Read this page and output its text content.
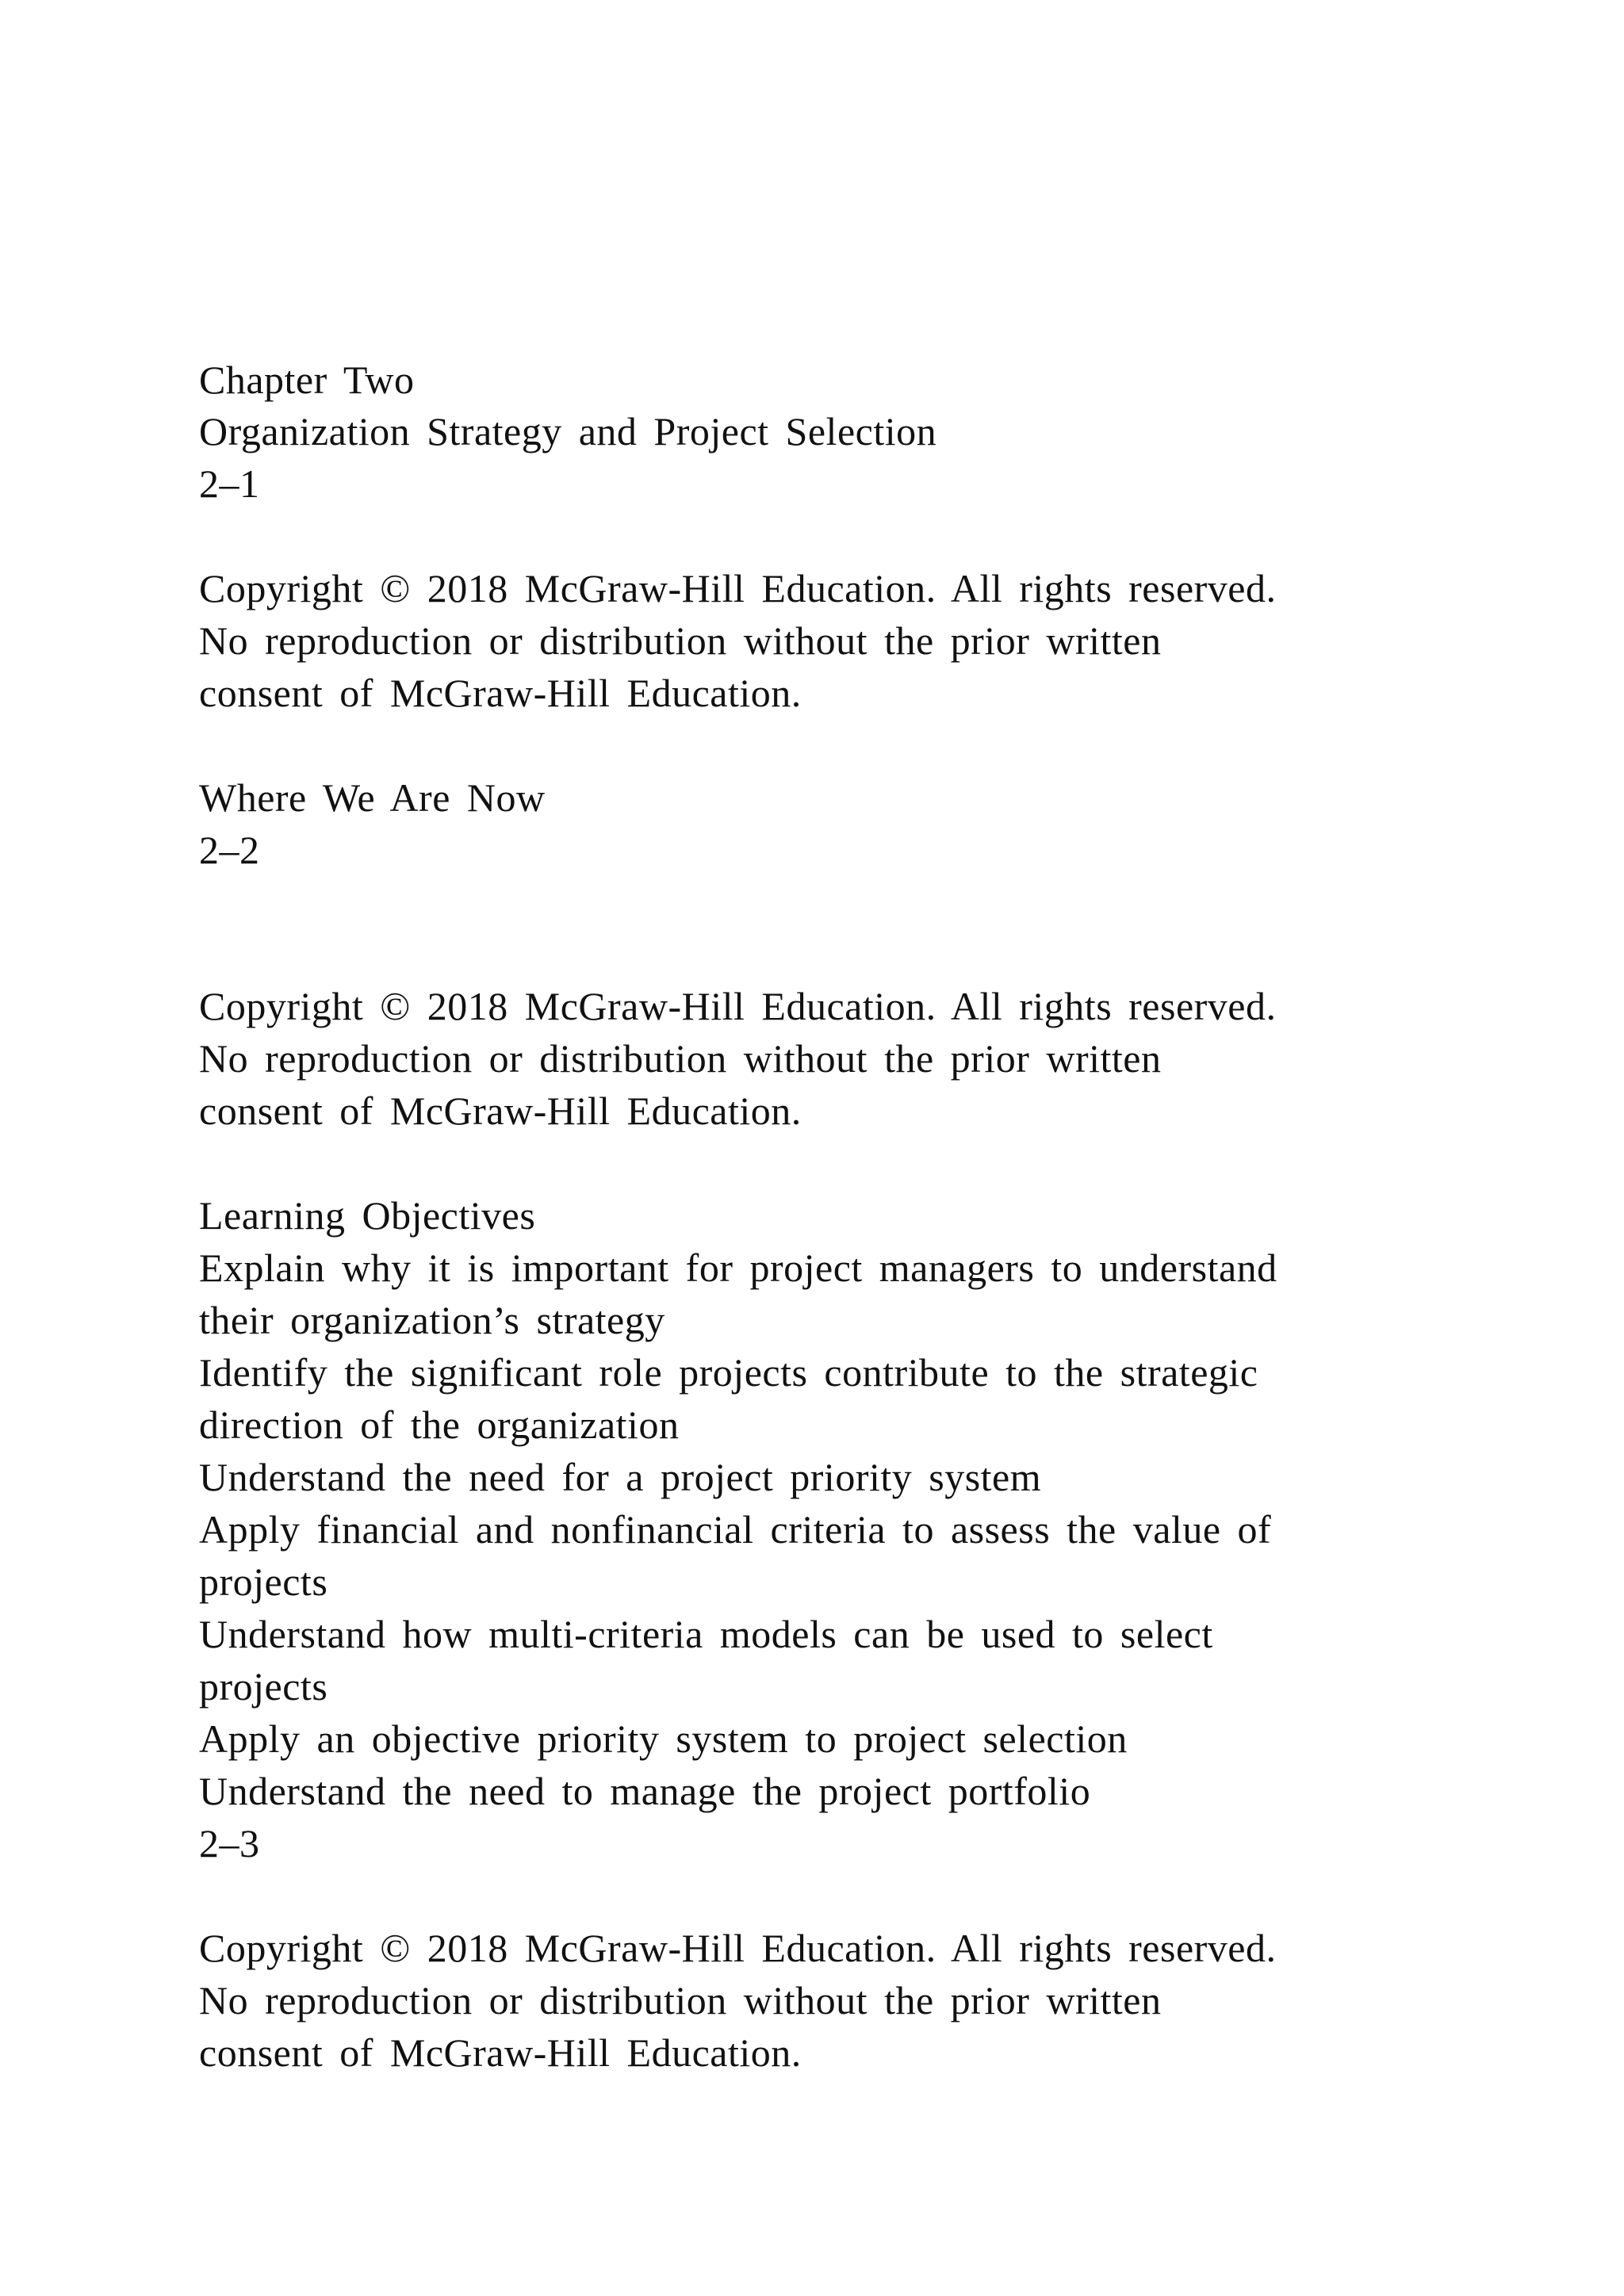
Chapter Two
Organization Strategy and Project Selection
2–1
Copyright © 2018 McGraw-Hill Education. All rights reserved.
No reproduction or distribution without the prior written
consent of McGraw-Hill Education.
Where We Are Now
2–2
Copyright © 2018 McGraw-Hill Education. All rights reserved.
No reproduction or distribution without the prior written
consent of McGraw-Hill Education.
Learning Objectives
Explain why it is important for project managers to understand
their organization’s strategy
Identify the significant role projects contribute to the strategic
direction of the organization
Understand the need for a project priority system
Apply financial and nonfinancial criteria to assess the value of
projects
Understand how multi-criteria models can be used to select
projects
Apply an objective priority system to project selection
Understand the need to manage the project portfolio
2–3
Copyright © 2018 McGraw-Hill Education. All rights reserved.
No reproduction or distribution without the prior written
consent of McGraw-Hill Education.
